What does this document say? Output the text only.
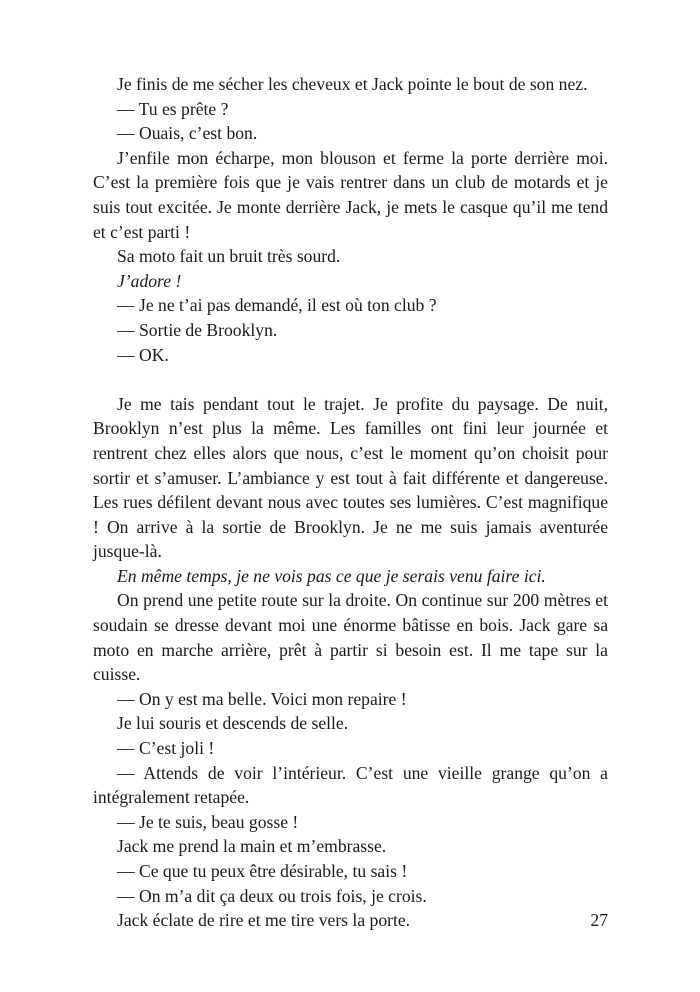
Je finis de me sécher les cheveux et Jack pointe le bout de son nez.

— Tu es prête ?

— Ouais, c’est bon.

J’enfile mon écharpe, mon blouson et ferme la porte derrière moi. C’est la première fois que je vais rentrer dans un club de motards et je suis tout excitée. Je monte derrière Jack, je mets le casque qu’il me tend et c’est parti !

Sa moto fait un bruit très sourd.

J’adore !

— Je ne t’ai pas demandé, il est où ton club ?

— Sortie de Brooklyn.

— OK.

Je me tais pendant tout le trajet. Je profite du paysage. De nuit, Brooklyn n’est plus la même. Les familles ont fini leur journée et rentrent chez elles alors que nous, c’est le moment qu’on choisit pour sortir et s’amuser. L’ambiance y est tout à fait différente et dangereuse. Les rues défilent devant nous avec toutes ses lumières. C’est magnifique ! On arrive à la sortie de Brooklyn. Je ne me suis jamais aventurée jusque-là.

En même temps, je ne vois pas ce que je serais venu faire ici.

On prend une petite route sur la droite. On continue sur 200 mètres et soudain se dresse devant moi une énorme bâtisse en bois. Jack gare sa moto en marche arrière, prêt à partir si besoin est. Il me tape sur la cuisse.

— On y est ma belle. Voici mon repaire !

Je lui souris et descends de selle.

— C’est joli !

— Attends de voir l’intérieur. C’est une vieille grange qu’on a intégralement retapée.

— Je te suis, beau gosse !

Jack me prend la main et m’embrasse.

— Ce que tu peux être désirable, tu sais !

— On m’a dit ça deux ou trois fois, je crois.

Jack éclate de rire et me tire vers la porte.	27
